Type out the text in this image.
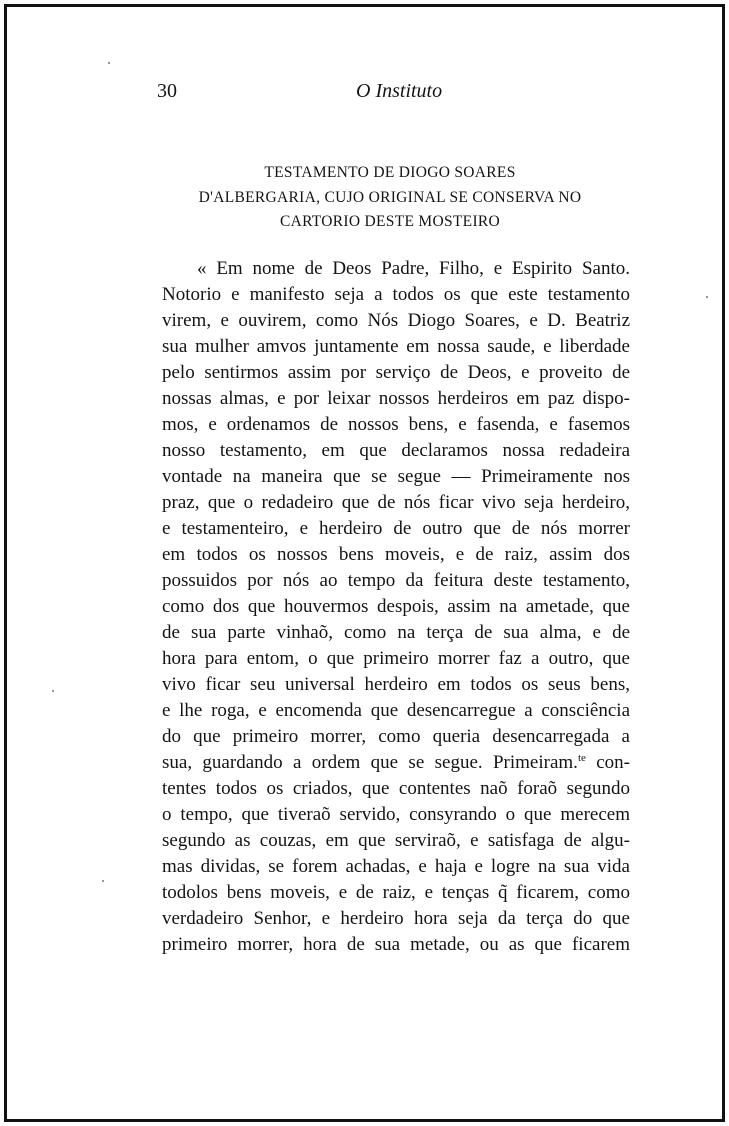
30	O Instituto
TESTAMENTO DE DIOGO SOARES
D'ALBERGARIA, CUJO ORIGINAL SE CONSERVA NO
CARTORIO DESTE MOSTEIRO
« Em nome de Deos Padre, Filho, e Espirito Santo.
Notorio e manifesto seja a todos os que este testamento
virem, e ouvirem, como Nós Diogo Soares, e D. Beatriz
sua mulher amvos juntamente em nossa saude, e liberdade
pelo sentirmos assim por serviço de Deos, e proveito de
nossas almas, e por leixar nossos herdeiros em paz dispo-
mos, e ordenamos de nossos bens, e fasenda, e fasemos
nosso testamento, em que declaramos nossa redadeira
vontade na maneira que se segue — Primeiramente nos
praz, que o redadeiro que de nós ficar vivo seja herdeiro,
e testamenteiro, e herdeiro de outro que de nós morrer
em todos os nossos bens moveis, e de raiz, assim dos
possuidos por nós ao tempo da feitura deste testamento,
como dos que houvermos despois, assim na ametade, que
de sua parte vinhaõ, como na terça de sua alma, e de
hora para entom, o que primeiro morrer faz a outro, que
vivo ficar seu universal herdeiro em todos os seus bens,
e lhe roga, e encomenda que desencarregue a consciência
do que primeiro morrer, como queria desencarregada a
sua, guardando a ordem que se segue. Primeiram.$^{te}$ con-
tentes todos os criados, que contentes naõ foraõ segundo
o tempo, que tiveraõ servido, consyrando o que merecem
segundo as couzas, em que serviraõ, e satisfaga de algu-
mas dividas, se forem achadas, e haja e logre na sua vida
todolos bens moveis, e de raiz, e tenças q̃ ficarem, como
verdadeiro Senhor, e herdeiro hora seja da terça do que
primeiro morrer, hora de sua metade, ou as que ficarem
